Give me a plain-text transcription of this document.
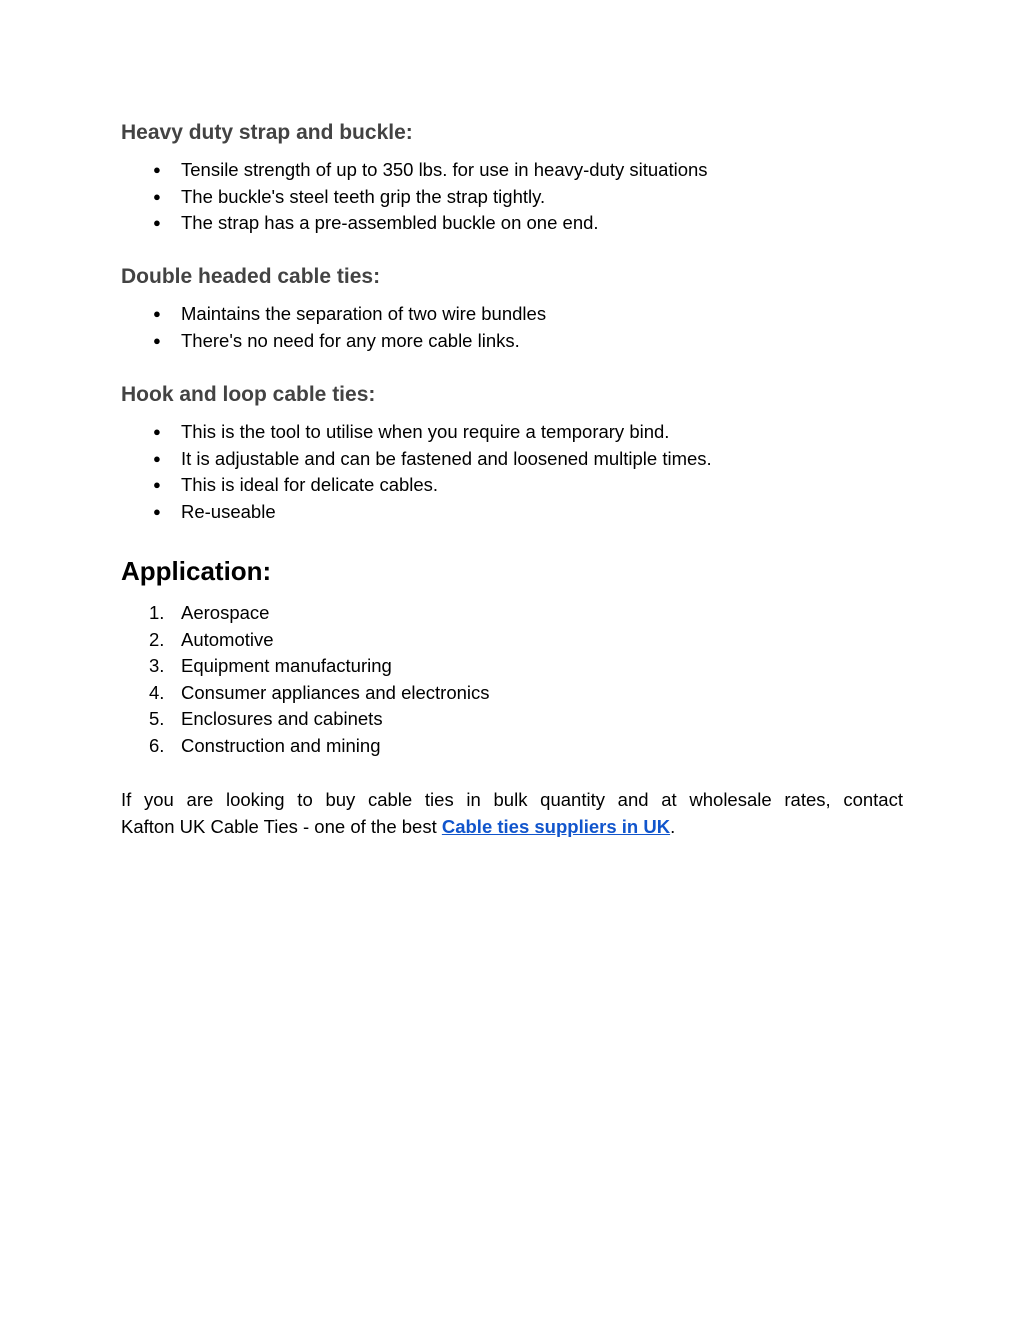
Heavy duty strap and buckle:
● Tensile strength of up to 350 lbs. for use in heavy-duty situations
● The buckle's steel teeth grip the strap tightly.
● The strap has a pre-assembled buckle on one end.
Double headed cable ties:
● Maintains the separation of two wire bundles
● There's no need for any more cable links.
Hook and loop cable ties:
● This is the tool to utilise when you require a temporary bind.
● It is adjustable and can be fastened and loosened multiple times.
● This is ideal for delicate cables.
● Re-useable
Application:
1. Aerospace
2. Automotive
3. Equipment manufacturing
4. Consumer appliances and electronics
5. Enclosures and cabinets
6. Construction and mining

If you are looking to buy cable ties in bulk quantity and at wholesale rates, contact
Kafton UK Cable Ties - one of the best Cable ties suppliers in UK.
